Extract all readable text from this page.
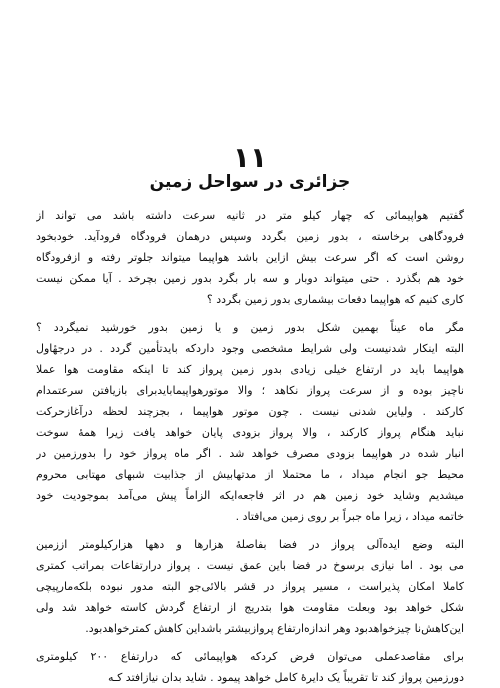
۱۱
جزائری در سواحل زمین
گفتیم هواپیمائی که چهار کیلو متر در ثانیه سرعت داشته باشد می تواند از
فرودگاهی برخاسته ، بدور زمین بگردد وسپس درهمان فرودگاه فرودآید. خودبخود
روشن است که اگر سرعت بیش ازاین باشد هواپیما میتواند جلوتر رفته و ازفرودگاه
خود هم بگذرد . حتی میتواند دوبار و سه بار بگرد بدور زمین بچرخد . آیا ممکن نیست
کاری کنیم که هواپیما دفعات بیشماری بدور زمین بگردد ؟
مگر ماه عیناً بهمین شکل بدور زمین و یا زمین بدور خورشید نمیگردد ؟
البته اینکار شدنیست ولی شرایط مشخصی وجود داردکه بایدتأمین گردد . در درجهٔاول
هواپیما باید در ارتفاع خیلی زیادی بدور زمین پرواز کند تا اینکه مقاومت هوا عملا
ناچیز بوده و از سرعت پرواز نکاهد ؛ والا موتورهواپیمابایدبرای بازیافتن سرعتمدام
کارکند . ولیاین شدنی نیست . چون موتور هواپیما ، بجزچند لحظه درآغازحرکت
نباید هنگام پرواز کارکند ، والا پرواز بزودی پایان خواهد یافت زیرا همهٔ سوخت
انبار شده در هواپیما بزودی مصرف خواهد شد . اگر ماه پرواز خود را بدورزمین در
محیط جو انجام میداد ، ما محتملا از مدتهابیش از جذابیت شبهای مهتابی محروم
میشدیم وشاید خود زمین هم در اثر فاجعه‌ایکه الزاماً پیش می‌آمد بموجودیت خود
خاتمه میداد ، زیرا ماه جبراً بر روی زمین می‌افتاد .
البته وضع ایده‌آلی پرواز در فضا بفاصلهٔ هزارها و دهها هزارکیلومتر اززمین
می بود . اما نیازی برسوخ در فضا باین عمق نیست . پرواز درارتفاعات بمراتب کمتری
کاملا امکان پذیراست ، مسیر پرواز در قشر بالائی‌جو البته مدور نبوده بلکه‌مارپیچی
شکل خواهد بود وبعلت مقاومت هوا بتدریج از ارتفاع گردش کاسته خواهد شد ولی
این‌کاهش‌نا چیزخواهدبود وهر اندازه‌ارتفاع پروازبیشتر باشد‌این کاهش کمترخواهدبود.
برای مقاصدعملی می‌توان فرض کردکه هواپیمائی که درارتفاع ۲۰۰ کیلومتری
دورزمین پرواز کند تا تقریباً یک دایرهٔ کامل خواهد پیمود . شاید بدان نیازافتد کـه
